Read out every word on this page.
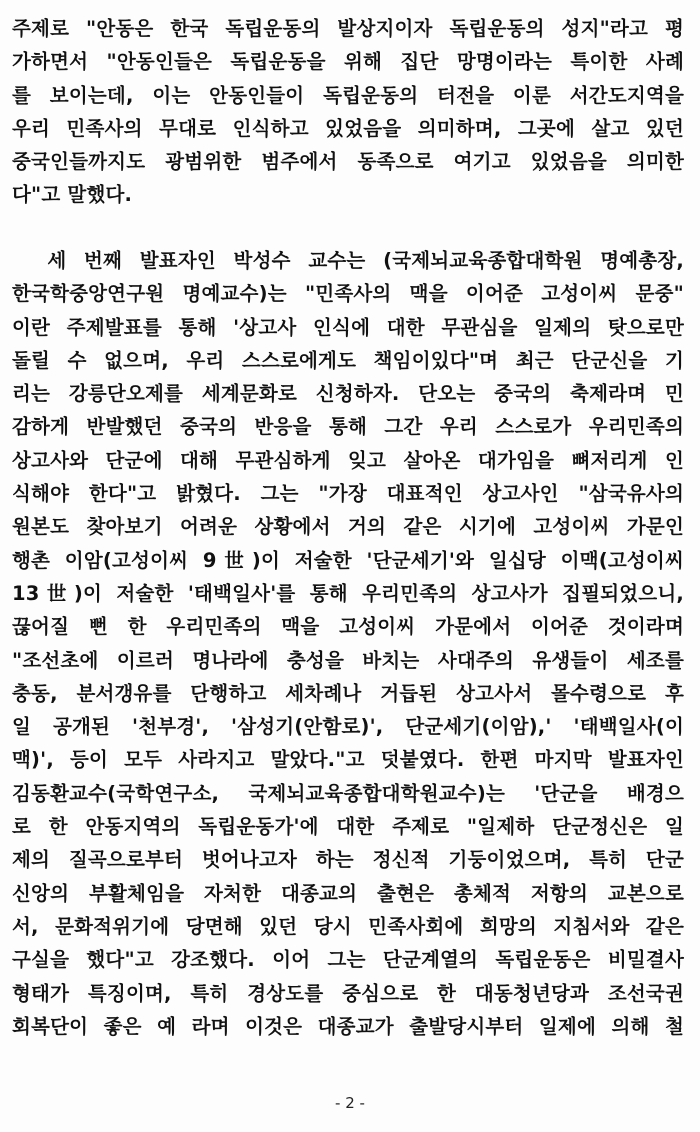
주제로 "안동은 한국 독립운동의 발상지이자 독립운동의 성지"라고 평
가하면서 "안동인들은 독립운동을 위해 집단 망명이라는 특이한 사례
를 보이는데, 이는 안동인들이 독립운동의 터전을 이룬 서간도지역을
우리 민족사의 무대로 인식하고 있었음을 의미하며, 그곳에 살고 있던
중국인들까지도 광범위한 범주에서 동족으로 여기고 있었음을 의미한
다"고 말했다.
세 번째 발표자인 박성수 교수는 (국제뇌교육종합대학원 명예총장,
한국학중앙연구원 명예교수)는 "민족사의 맥을 이어준 고성이씨 문중"
이란 주제발표를 통해 '상고사 인식에 대한 무관심을 일제의 탓으로만
돌릴 수 없으며, 우리 스스로에게도 책임이있다"며 최근 단군신을 기
리는 강릉단오제를 세계문화로 신청하자. 단오는 중국의 축제라며 민
감하게 반발했던 중국의 반응을 통해 그간 우리 스스로가 우리민족의
상고사와 단군에 대해 무관심하게 잊고 살아온 대가임을 뼈저리게 인
식해야 한다"고 밝혔다. 그는 "가장 대표적인 상고사인 "삼국유사의
원본도 찾아보기 어려운 상황에서 거의 같은 시기에 고성이씨 가문인
행촌 이암(고성이씨 9世)이 저술한 '단군세기'와 일십당 이맥(고성이씨
13世)이 저술한 '태백일사'를 통해 우리민족의 상고사가 집필되었으니,
끊어질 뻔 한 우리민족의 맥을 고성이씨 가문에서 이어준 것이라며
"조선초에 이르러 명나라에 충성을 바치는 사대주의 유생들이 세조를
충동, 분서갱유를 단행하고 세차례나 거듭된 상고사서 몰수령으로 후
일 공개된 '천부경', '삼성기(안함로)', 단군세기(이암),' '태백일사(이
맥)', 등이 모두 사라지고 말았다."고 덧붙였다. 한편 마지막 발표자인
김동환교수(국학연구소, 국제뇌교육종합대학원교수)는 '단군을 배경으
로 한 안동지역의 독립운동가'에 대한 주제로 "일제하 단군정신은 일
제의 질곡으로부터 벗어나고자 하는 정신적 기둥이었으며, 특히 단군
신앙의 부활체임을 자처한 대종교의 출현은 총체적 저항의 교본으로
서, 문화적위기에 당면해 있던 당시 민족사회에 희망의 지침서와 같은
구실을 했다"고 강조했다. 이어 그는 단군계열의 독립운동은 비밀결사
형태가 특징이며, 특히 경상도를 중심으로 한 대동청년당과 조선국권
회복단이 좋은 예 라며 이것은 대종교가 출발당시부터 일제에 의해 철
- 2 -
